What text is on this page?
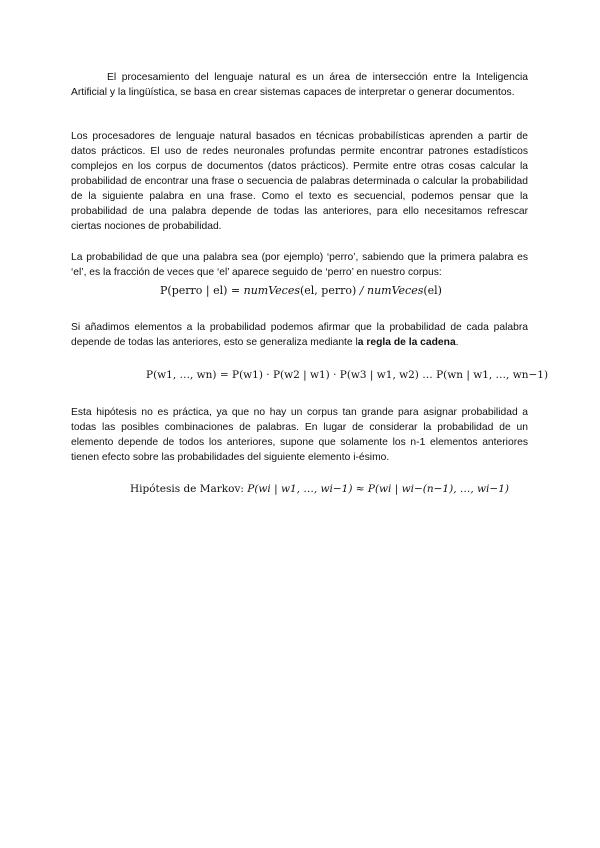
El procesamiento del lenguaje natural es un área de intersección entre la Inteligencia Artificial y la lingüística, se basa en crear sistemas capaces de interpretar o generar documentos.

Los procesadores de lenguaje natural basados en técnicas probabilísticas aprenden a partir de datos prácticos. El uso de redes neuronales profundas permite encontrar patrones estadísticos complejos en los corpus de documentos (datos prácticos). Permite entre otras cosas calcular la probabilidad de encontrar una frase o secuencia de palabras determinada o calcular la probabilidad de la siguiente palabra en una frase. Como el texto es secuencial, podemos pensar que la probabilidad de una palabra depende de todas las anteriores, para ello necesitamos refrescar ciertas nociones de probabilidad.

La probabilidad de que una palabra sea (por ejemplo) ‘perro’, sabiendo que la primera palabra es ‘el’, es la fracción de veces que ‘el’ aparece seguido de ‘perro’ en nuestro corpus:

P(perro | el) = numVeces(el, perro) / numVeces(el)

Si añadimos elementos a la probabilidad podemos afirmar que la probabilidad de cada palabra depende de todas las anteriores, esto se generaliza mediante la regla de la cadena.

P(w1, …, wn) = P(w1) · P(w2 | w1) · P(w3 | w1, w2) … P(wn | w1, …, wn−1)

Esta hipótesis no es práctica, ya que no hay un corpus tan grande para asignar probabilidad a todas las posibles combinaciones de palabras. En lugar de considerar la probabilidad de un elemento depende de todos los anteriores, supone que solamente los n-1 elementos anteriores tienen efecto sobre las probabilidades del siguiente elemento i-ésimo.

Hipótesis de Markov: P(wi | w1, …, wi−1) ≈ P(wi | wi−(n−1), …, wi−1)
